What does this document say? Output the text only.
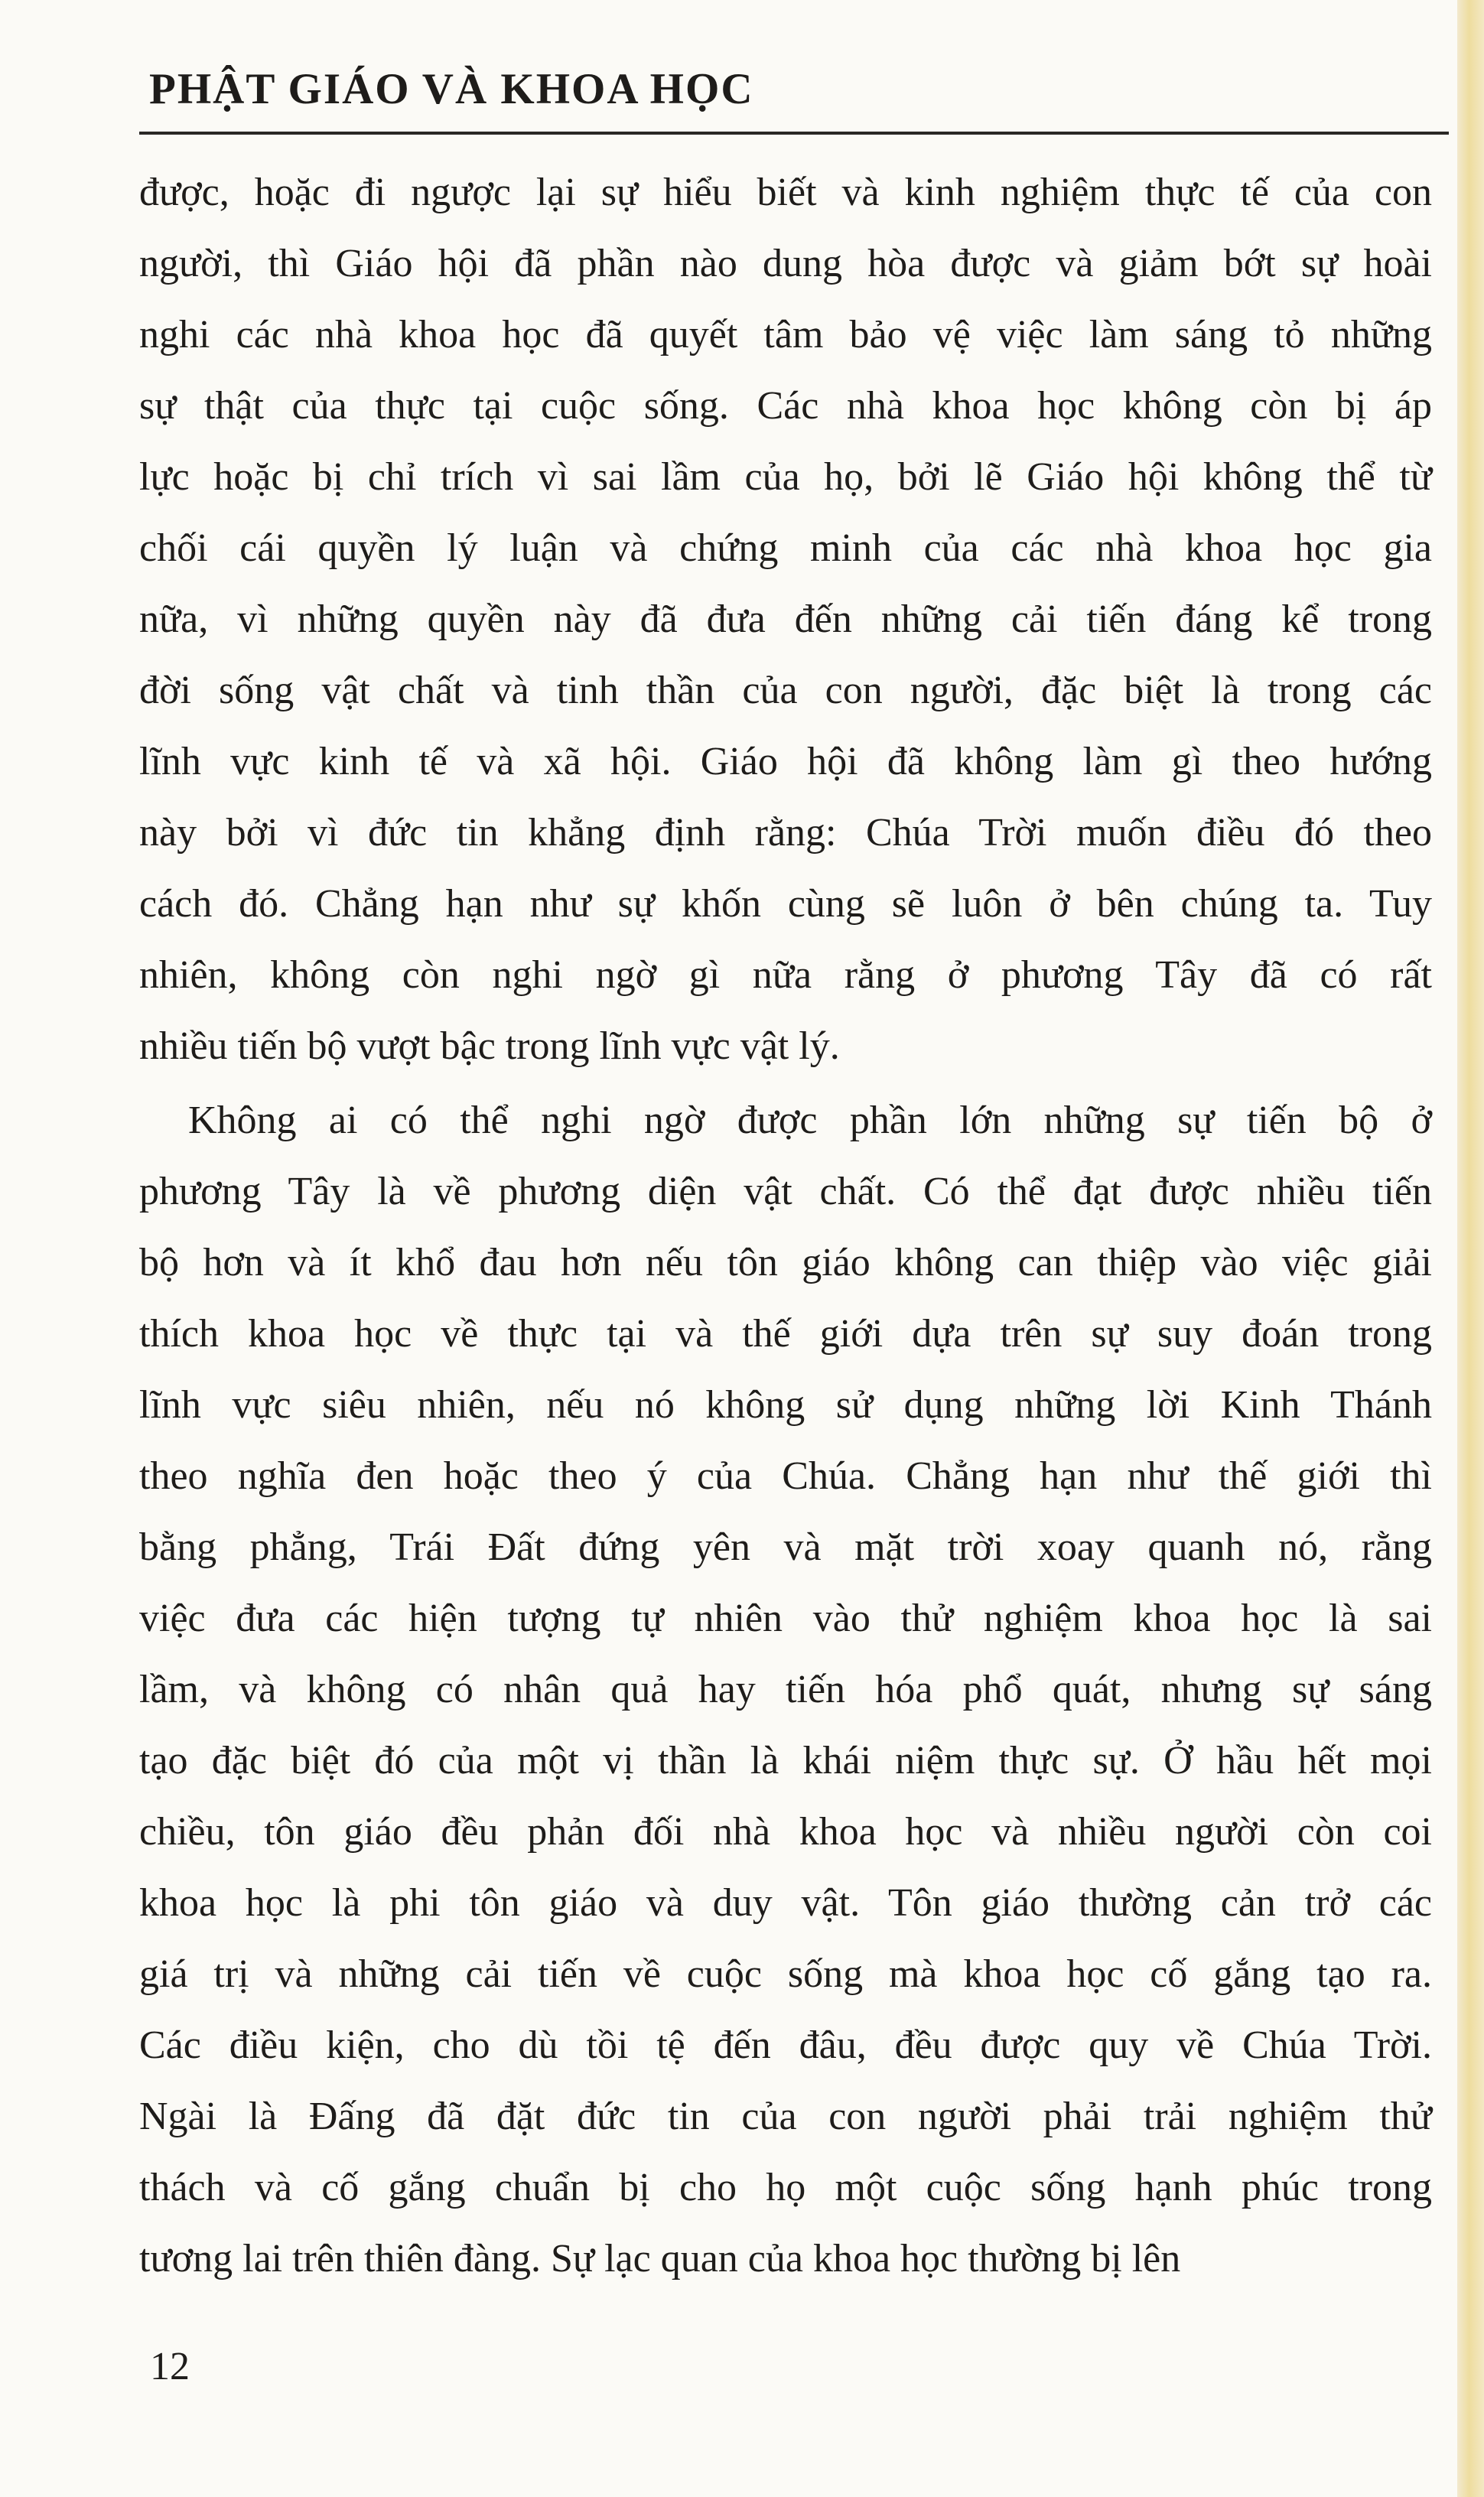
PHẬT GIÁO VÀ KHOA HỌC
được, hoặc đi ngược lại sự hiểu biết và kinh nghiệm thực tế của con
người, thì Giáo hội đã phần nào dung hòa được và giảm bớt sự hoài
nghi các nhà khoa học đã quyết tâm bảo vệ việc làm sáng tỏ những
sự thật của thực tại cuộc sống. Các nhà khoa học không còn bị áp
lực hoặc bị chỉ trích vì sai lầm của họ, bởi lẽ Giáo hội không thể từ
chối cái quyền lý luận và chứng minh của các nhà khoa học gia
nữa, vì những quyền này đã đưa đến những cải tiến đáng kể trong
đời sống vật chất và tinh thần của con người, đặc biệt là trong các
lĩnh vực kinh tế và xã hội. Giáo hội đã không làm gì theo hướng
này bởi vì đức tin khẳng định rằng: Chúa Trời muốn điều đó theo
cách đó. Chẳng hạn như sự khốn cùng sẽ luôn ở bên chúng ta. Tuy
nhiên, không còn nghi ngờ gì nữa rằng ở phương Tây đã có rất
nhiều tiến bộ vượt bậc trong lĩnh vực vật lý.
Không ai có thể nghi ngờ được phần lớn những sự tiến bộ ở
phương Tây là về phương diện vật chất. Có thể đạt được nhiều tiến
bộ hơn và ít khổ đau hơn nếu tôn giáo không can thiệp vào việc giải
thích khoa học về thực tại và thế giới dựa trên sự suy đoán trong
lĩnh vực siêu nhiên, nếu nó không sử dụng những lời Kinh Thánh
theo nghĩa đen hoặc theo ý của Chúa. Chẳng hạn như thế giới thì
bằng phẳng, Trái Đất đứng yên và mặt trời xoay quanh nó, rằng
việc đưa các hiện tượng tự nhiên vào thử nghiệm khoa học là sai
lầm, và không có nhân quả hay tiến hóa phổ quát, nhưng sự sáng
tạo đặc biệt đó của một vị thần là khái niệm thực sự. Ở hầu hết mọi
chiều, tôn giáo đều phản đối nhà khoa học và nhiều người còn coi
khoa học là phi tôn giáo và duy vật. Tôn giáo thường cản trở các
giá trị và những cải tiến về cuộc sống mà khoa học cố gắng tạo ra.
Các điều kiện, cho dù tồi tệ đến đâu, đều được quy về Chúa Trời.
Ngài là Đấng đã đặt đức tin của con người phải trải nghiệm thử
thách và cố gắng chuẩn bị cho họ một cuộc sống hạnh phúc trong
tương lai trên thiên đàng. Sự lạc quan của khoa học thường bị lên
12
